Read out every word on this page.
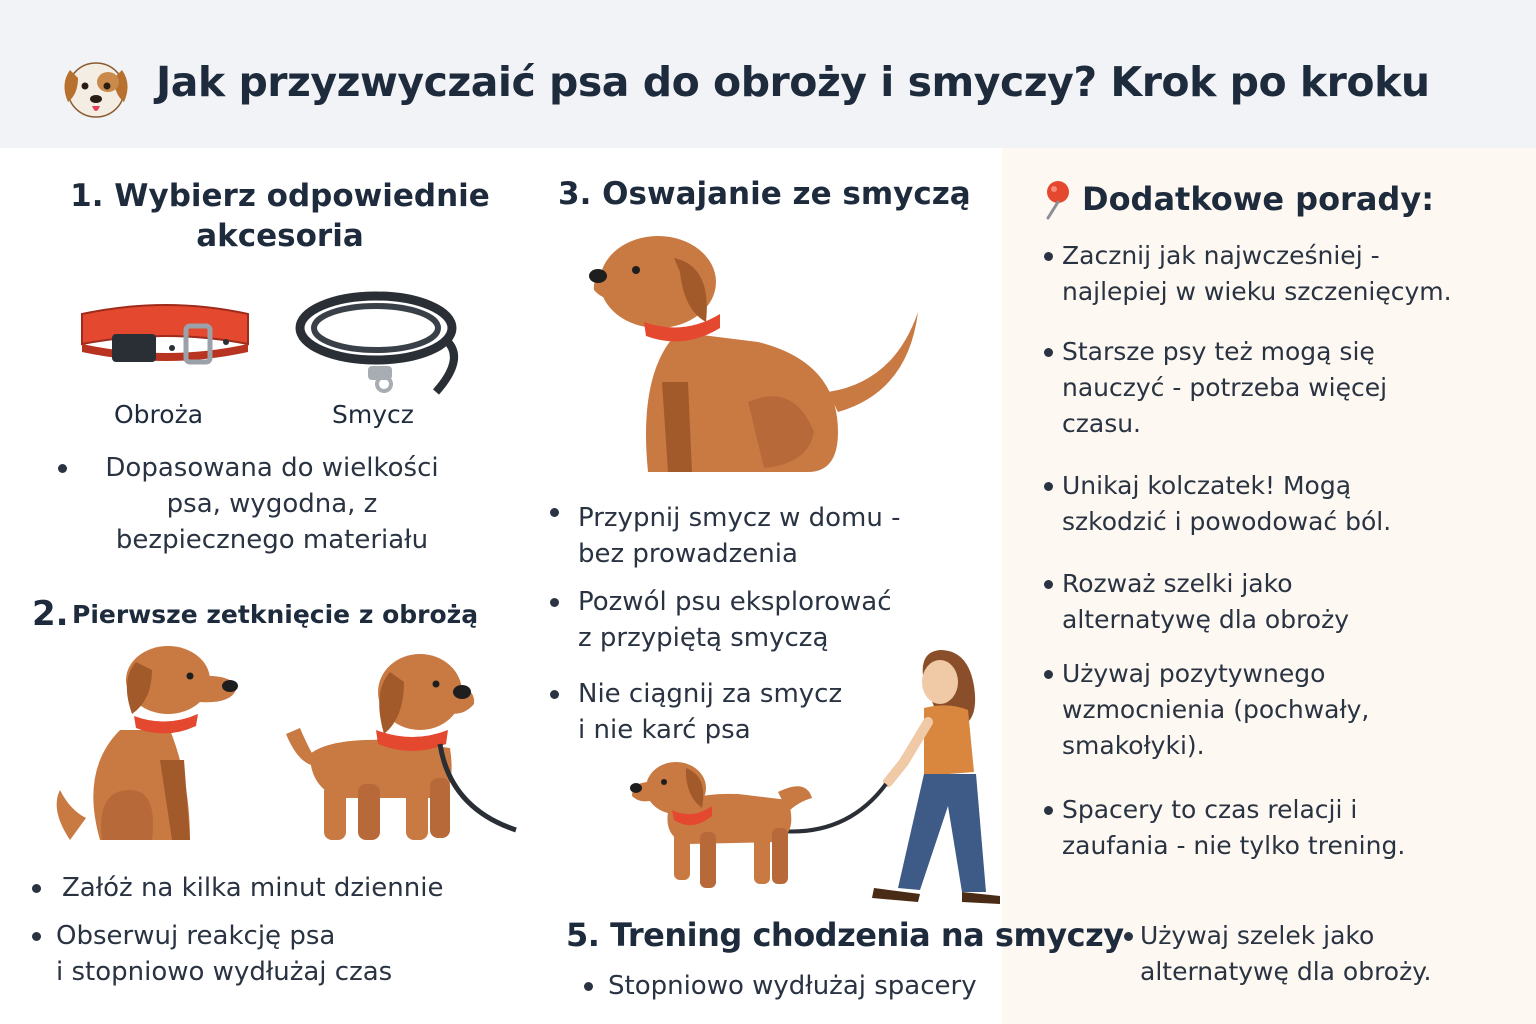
Jak przyzwyczaić psa do obroży i smyczy? Krok po kroku
1. Wybierz odpowiednie
akcesoria
Obroża	Smycz
Dopasowana do wielkości
psa, wygodna, z
bezpiecznego materiału
2. Pierwsze zetknięcie z obrożą
Załóż na kilka minut dziennie
Obserwuj reakcję psa
i stopniowo wydłużaj czas
3. Oswajanie ze smyczą
Przypnij smycz w domu -
bez prowadzenia
Pozwól psu eksplorować
z przypiętą smyczą
Nie ciągnij za smycz
i nie karć psa
5. Trening chodzenia na smyczy
Stopniowo wydłużaj spacery
Dodatkowe porady:
Zacznij jak najwcześniej -
najlepiej w wieku szczenięcym.
Starsze psy też mogą się
nauczyć - potrzeba więcej
czasu.
Unikaj kolczatek! Mogą
szkodzić i powodować ból.
Rozważ szelki jako
alternatywę dla obroży
Używaj pozytywnego
wzmocnienia (pochwały,
smakołyki).
Spacery to czas relacji i
zaufania - nie tylko trening.
Używaj szelek jako
alternatywę dla obroży.
